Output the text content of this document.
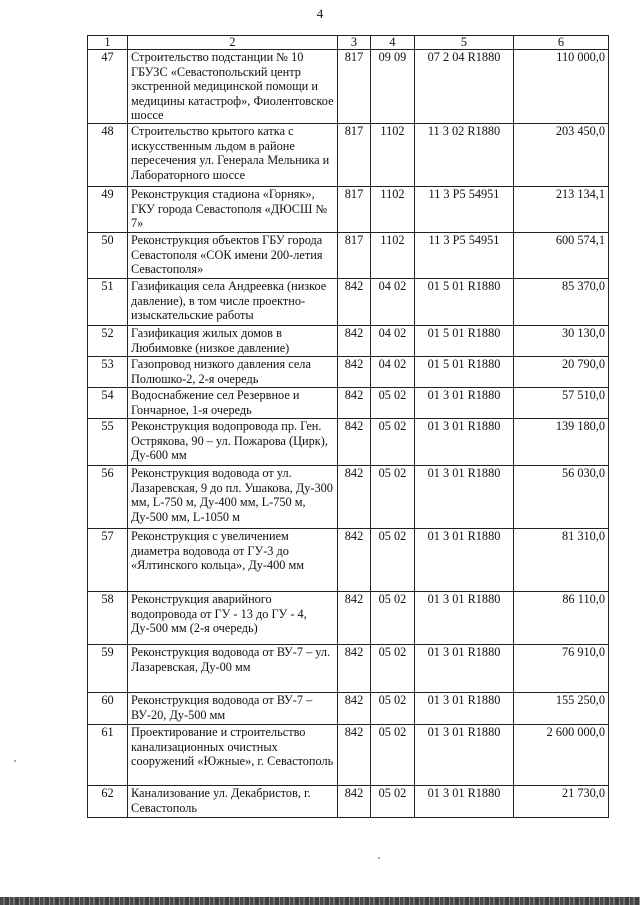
4
1	2	3	4	5	6
47	Строительство подстанции № 10 ГБУЗС «Севастопольский центр экстренной медицинской помощи и медицины катастроф», Фиолентовское шоссе	817	09 09	07 2 04 R1880	110 000,0
48	Строительство крытого катка с искусственным льдом в районе пересечения ул. Генерала Мельника и Лабораторного шоссе	817	1102	11 3 02 R1880	203 450,0
49	Реконструкция стадиона «Горняк», ГКУ города Севастополя «ДЮСШ № 7»	817	1102	11 3 P5 54951	213 134,1
50	Реконструкция объектов ГБУ города Севастополя «СОК имени 200-летия Севастополя»	817	1102	11 3 P5 54951	600 574,1
51	Газификация села Андреевка (низкое давление), в том числе проектно-изыскательские работы	842	04 02	01 5 01 R1880	85 370,0
52	Газификация жилых домов в Любимовке (низкое давление)	842	04 02	01 5 01 R1880	30 130,0
53	Газопровод низкого давления села Полюшко-2, 2-я очередь	842	04 02	01 5 01 R1880	20 790,0
54	Водоснабжение сел Резервное и Гончарное, 1-я очередь	842	05 02	01 3 01 R1880	57 510,0
55	Реконструкция водопровода пр. Ген. Острякова, 90 – ул. Пожарова (Цирк), Ду-600 мм	842	05 02	01 3 01 R1880	139 180,0
56	Реконструкция водовода от ул. Лазаревская, 9 до пл. Ушакова, Ду-300 мм, L-750 м, Ду-400 мм, L-750 м, Ду-500 мм, L-1050 м	842	05 02	01 3 01 R1880	56 030,0
57	Реконструкция с увеличением диаметра водовода от ГУ-3 до «Ялтинского кольца», Ду-400 мм	842	05 02	01 3 01 R1880	81 310,0
58	Реконструкция аварийного водопровода от ГУ - 13 до ГУ - 4, Ду-500 мм (2-я очередь)	842	05 02	01 3 01 R1880	86 110,0
59	Реконструкция водовода от ВУ-7 – ул. Лазаревская, Ду-00 мм	842	05 02	01 3 01 R1880	76 910,0
60	Реконструкция водовода от ВУ-7 – ВУ-20, Ду-500 мм	842	05 02	01 3 01 R1880	155 250,0
61	Проектирование и строительство канализационных очистных сооружений «Южные», г. Севастополь	842	05 02	01 3 01 R1880	2 600 000,0
62	Канализование ул. Декабристов, г. Севастополь	842	05 02	01 3 01 R1880	21 730,0
